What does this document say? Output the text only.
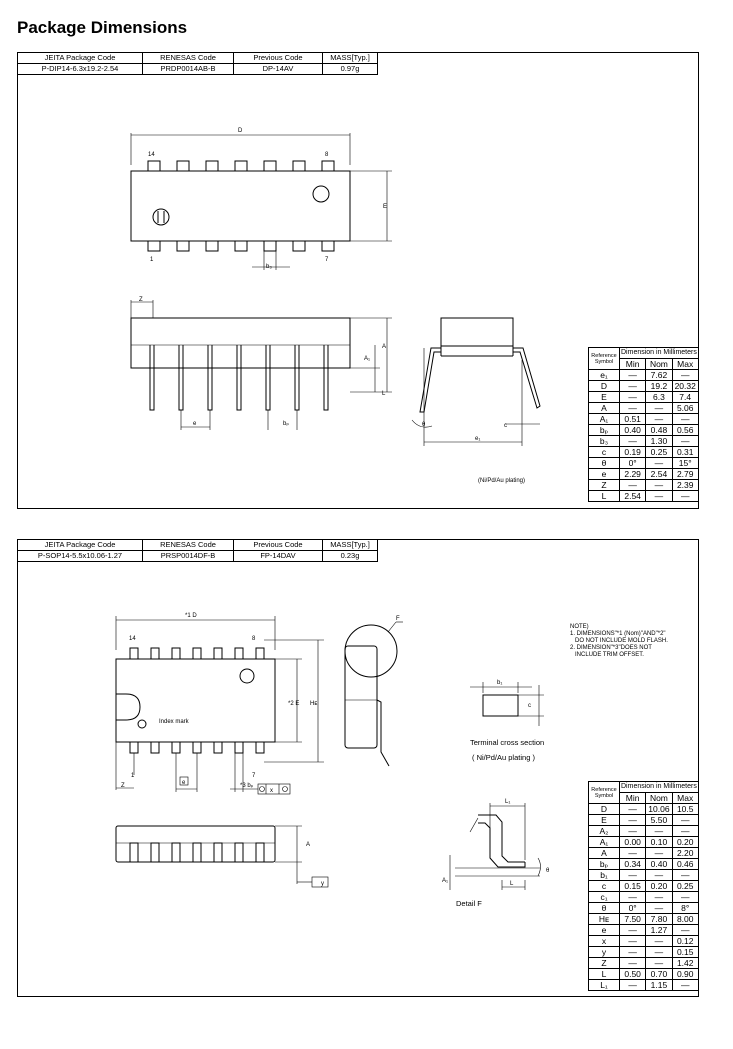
Package Dimensions
JEITA Package Code	RENESAS Code	Previous Code	MASS[Typ.]
P-DIP14-6.3x19.2-2.54	PRDP0014AB-B	DP-14AV	0.97g
D
14	8
1	7
E
b₃
Z
A
A₁
L
e	bₚ	θ	c
e₁
(Ni/Pd/Au plating)
*1 D
14	8
1	7
*2 E Hᴇ
Index mark
Z	e	*3 bₚ
x
A
y
F
b₁
c
Terminal cross section
( Ni/Pd/Au plating )
L₁
L
A₁
θ
Detail F
NOTE)
1. DIMENSIONS"*1 (Nom)"AND"*2"
DO NOT INCLUDE MOLD FLASH.
2. DIMENSION"*3"DOES NOT
INCLUDE TRIM OFFSET.
Reference
Symbol	Dimension in Millimeters		
	Min	Nom	Max
e₁	—	7.62	—
D	—	19.2	20.32
E	—	6.3	7.4
A	—	—	5.06
A₁	0.51	—	—
bₚ	0.40	0.48	0.56
b₃	—	1.30	—
c	0.19	0.25	0.31
θ	0°	—	15°
e	2.29	2.54	2.79
Z	—	—	2.39
L	2.54	—	—
JEITA Package Code	RENESAS Code	Previous Code	MASS[Typ.]
P-SOP14-5.5x10.06-1.27	PRSP0014DF-B	FP-14DAV	0.23g
Reference
Symbol	Dimension in Millimeters		
	Min	Nom	Max
D	—	10.06	10.5
E	—	5.50	—
A₂	—	—	—
A₁	0.00	0.10	0.20
A	—	—	2.20
bₚ	0.34	0.40	0.46
b₁	—	—	—
c	0.15	0.20	0.25
c₁	—	—	—
θ	0°	—	8°
Hᴇ	7.50	7.80	8.00
e	—	1.27	—
x	—	—	0.12
y	—	—	0.15
Z	—	—	1.42
L	0.50	0.70	0.90
L₁	—	1.15	—
